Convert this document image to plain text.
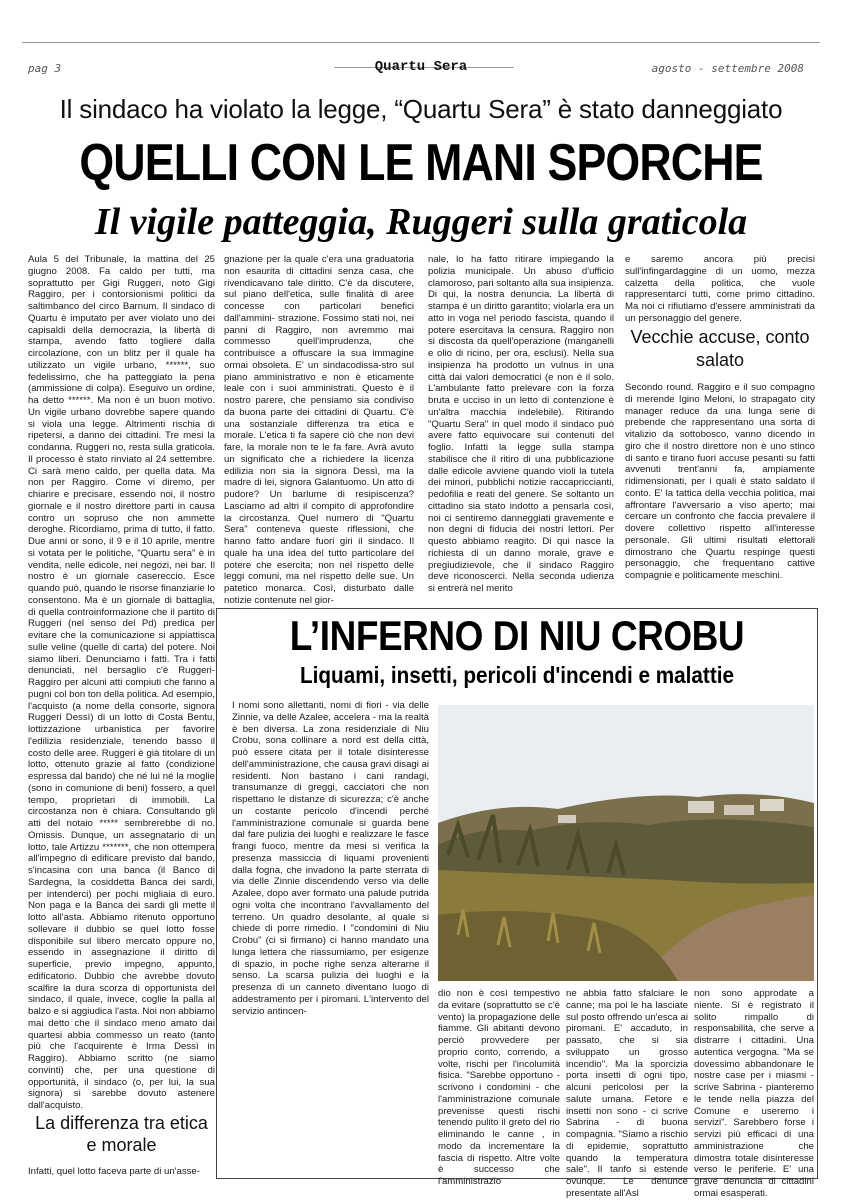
pag 3	Quartu Sera	agosto - settembre 2008
Il sindaco ha violato la legge, “Quartu Sera” è stato danneggiato
QUELLI CON LE MANI SPORCHE
Il vigile patteggia, Ruggeri sulla graticola

Aula 5 del Tribunale, la mattina del 25 giugno 2008. Fa caldo per tutti, ma soprattutto per Gigi Ruggeri, noto Gigi Raggiro, per i contorsionismi politici da saltimbanco del circo Barnum. Il sindaco di Quartu è imputato per aver violato uno dei capisaldi della democrazia, la libertà di stampa, avendo fatto togliere dalla circolazione, con un blitz per il quale ha utilizzato un vigile urbano, ******, suo fedelissimo, che ha patteggiato la pena (ammissione di colpa). Eseguivo un ordine, ha detto ******. Ma non è un buon motivo. Un vigile urbano dovrebbe sapere quando si viola una legge. Altrimenti rischia di ripetersi, a danno dei cittadini. Tre mesi la condanna. Ruggeri no, resta sulla graticola. Il processo è stato rinviato al 24 settembre. Ci sarà meno caldo, per quella data. Ma non per Raggiro. Come vi diremo, per chiarire e precisare, essendo noi, il nostro giornale e il nostro direttore parti in causa contro un sopruso che non ammette deroghe. Ricordiamo, prima di tutto, il fatto. Due anni or sono, il 9 e il 10 aprile, mentre si votata per le politiche, "Quartu sera" è in vendita, nelle edicole, nei negozi, nei bar. Il nostro è un giornale casereccio. Esce quando può, quando le risorse finanziarie lo consentono. Ma è un giornale di battaglia, di quella controinformazione che il partito di Ruggeri (nel senso del Pd) predica per evitare che la comunicazione si appiattisca sulle veline (quelle di carta) del potere. Noi siamo liberi. Denunciamo i fatti. Tra i fatti denunciati, nel bersaglio c'è Ruggeri-Raggiro per alcuni atti compiuti che fanno a pugni col bon ton della politica. Ad esempio, l'acquisto (a nome della consorte, signora Ruggeri Dessì) di un lotto di Costa Bentu, lottizzazione urbanistica per favorire l'edilizia residenziale, tenendo basso il costo delle aree. Ruggeri è già titolare di un lotto, ottenuto grazie al fatto (condizione espressa dal bando) che né lui né la moglie (sono in comunione di beni) fossero, a quel tempo, proprietari di immobili. La circostanza non è chiara. Consultando gli atti del notaio ***** sembrerebbe di no. Omissis. Dunque, un assegnatario di un lotto, tale Artizzu *******, che non ottempera all'impegno di edificare previsto dal bando, s'incasina con una banca (il Banco di Sardegna, la cosiddetta Banca dei sardi, per intenderci) per pochi migliaia di euro. Non paga e la Banca dei sardi gli mette il lotto all'asta. Abbiamo ritenuto opportuno sollevare il dubbio se quel lotto fosse disponibile sul libero mercato oppure no, essendo in assegnazione il diritto di superficie, previo impegno, appunto, edificatorio. Dubbio che avrebbe dovuto scalfire la dura scorza di opportunista del sindaco, il quale, invece, coglie la palla al balzo e si aggiudica l'asta. Noi non abbiamo mai detto che il sindaco meno amato dai quartesi abbia commesso un reato (tanto più che l'acquirente è Irma Dessì in Raggiro). Abbiamo scritto (ne siamo convinti) che, per una questione di opportunità, il sindaco (o, per lui, la sua signora) si sarebbe dovuto astenere dall'acquisto.

La differenza tra etica e morale

Infatti, quel lotto faceva parte di un'asse-

gnazione per la quale c'era una graduatoria non esaurita di cittadini senza casa, che rivendicavano tale diritto. C'è da discutere, sul piano dell'etica, sulle finalità di aree concesse con particolari benefici dall'ammini- strazione. Fossimo stati noi, nei panni di Raggiro, non avremmo mai commesso quell'imprudenza, che contribuisce a offuscare la sua immagine ormai obsoleta. E' un sindacodissa-stro sul piano amministrativo e non è eticamente leale con i suoi amministrati. Questo è il nostro parere, che pensiamo sia condiviso da buona parte dei cittadini di Quartu. C'è una sostanziale differenza tra etica e morale. L'etica ti fa sapere ciò che non devi fare, la morale non te le fa fare. Avrà avuto un significato che a richiedere la licenza edilizia non sia la signora Dessì, ma la madre di lei, signora Galantuomo. Un atto di pudore? Un barlume di resipiscenza? Lasciamo ad altri il compito di approfondire la circostanza. Quel numero di "Quartu Sera" conteneva queste riflessioni, che hanno fatto andare fuori giri il sindaco. Il quale ha una idea del tutto particolare del potere che esercita; non nel rispetto delle leggi comuni, ma nel rispetto delle sue. Un patetico monarca. Così, disturbato dalle notizie contenute nel gior-

nale, lo ha fatto ritirare impiegando la polizia municipale. Un abuso d'ufficio clamoroso, pari soltanto alla sua insipienza. Di qui, la nostra denuncia. La libertà di stampa è un diritto garantito; violarla era un atto in voga nel periodo fascista, quando il potere esercitava la censura. Raggiro non si discosta da quell'operazione (manganelli e olio di ricino, per ora, esclusi). Nella sua insipienza ha prodotto un vulnus in una città dai valori democratici (e non è il solo. L'ambulante fatto prelevare con la forza bruta e ucciso in un letto di contenzione è un'altra macchia indelebile). Ritirando "Quartu Sera" in quel modo il sindaco può avere fatto equivocare sui contenuti del foglio. Infatti la legge sulla stampa stabilisce che il ritiro di una pubblicazione dalle edicole avviene quando violi la tutela dei minori, pubblichi notizie raccapriccianti, pedofilia e reati del genere. Se soltanto un cittadino sia stato indotto a pensarla così, noi ci sentiremo danneggiati gravemente e non degni di fiducia dei nostri lettori. Per questo abbiamo reagito. Di qui nasce la richiesta di un danno morale, grave e pregiudizievole, che il sindaco Raggiro deve riconoscerci. Nella seconda udienza si entrerà nel merito

e saremo ancora più precisi sull'infingardaggine di un uomo, mezza calzetta della politica, che vuole rappresentarci tutti, come primo cittadino. Ma noi ci rifiutiamo d'essere amministrati da un personaggio del genere.

Vecchie accuse, conto salato

Secondo round. Raggiro e il suo compagno di merende Igino Meloni, lo strapagato city manager reduce da una lunga serie di prebende che rappresentano una sorta di vitalizio da sottobosco, vanno dicendo in giro che il nostro direttore non è uno stinco di santo e tirano fuori accuse pesanti su fatti avvenuti trent'anni fa, ampiamente ridimensionati, per i quali è stato saldato il conto. E' la tattica della vecchia politica, mai affrontare l'avversario a viso aperto; mai cercare un confronto che faccia prevalere il dovere collettivo rispetto all'interesse personale. Gli ultimi risultati elettorali dimostrano che Quartu respinge questi personaggio, che frequentano cattive compagnie e politicamente meschini.

L’INFERNO DI NIU CROBU
Liquami, insetti, pericoli d'incendi e malattie

I nomi sono allettanti, nomi di fiori - via delle Zinnie, va delle Azalee, accelera - ma la realtà è ben diversa. La zona residenziale di Niu Crobu, sona collinare a nord est della città, può essere citata per il totale disinteresse dell'amministrazione, che causa gravi disagi ai residenti. Non bastano i cani randagi, transumanze di greggi, cacciatori che non rispettano le distanze di sicurezza; c'è anche un costante pericolo d'incendi perché l'amministrazione comunale si guarda bene dal fare pulizia dei luoghi e realizzare le fasce frangi fuoco, mentre da mesi si verifica la presenza massiccia di liquami provenienti dalla fogna, che invadono la parte sterrata di via delle Zinnie discendendo verso via delle Azalee, dopo aver formato una palude putrida ogni volta che incontrano l'avvallamento del terreno. Un quadro desolante, al quale si chiede di porre rimedio. I "condomini di Niu Crobu" (ci si firmano) ci hanno mandato una lunga lettera che riassumiamo, per esigenze di spazio, in poche righe senza alterarne il senso. La scarsa pulizia dei luoghi e la presenza di un canneto diventano luogo di addestramento per i piromani. L'intervento del servizio antincen-

dio non è così tempestivo da evitare (soprattutto se c'è vento) la propagazione delle fiamme. Gli abitanti devono perciò provvedere per proprio conto, correndo, a volte, rischi per l'incolumità fisica. "Sarebbe opportuno - scrivono i condomini - che l'amministrazione comunale prevenisse questi rischi tenendo pulito il greto del rio eliminando le canne , in modo da incrementare la fascia di rispetto. Altre volte è successo che l'amministrazio

ne abbia fatto sfalciare le canne; ma poi le ha lasciate sul posto offrendo un'esca ai piromani. E' accaduto, in passato, che si sia sviluppato un grosso incendio". Ma la sporcizia porta insetti di ogni tipo, alcuni pericolosi per la salute umana. Fetore e insetti non sono - ci scrive Sabrina - di buona compagnia. "Siamo a rischio di epidemie, soprattutto quando la temperatura sale". Il tanfo si estende ovunque. Le denunce presentate all'Asl

non sono approdate a niente. Si è registrato il solito rimpallo di responsabilità, che serve a distrarre i cittadini. Una autentica vergogna. "Ma se dovessimo abbandonare le nostre case per i miasmi - scrive Sabrina - pianteremo le tende nella piazza del Comune e useremo i servizi". Sarebbero forse i servizi più efficaci di una amministrazione che dimostra totale disinteresse verso le periferie. E' una grave denuncia di cittadini ormai esasperati.
